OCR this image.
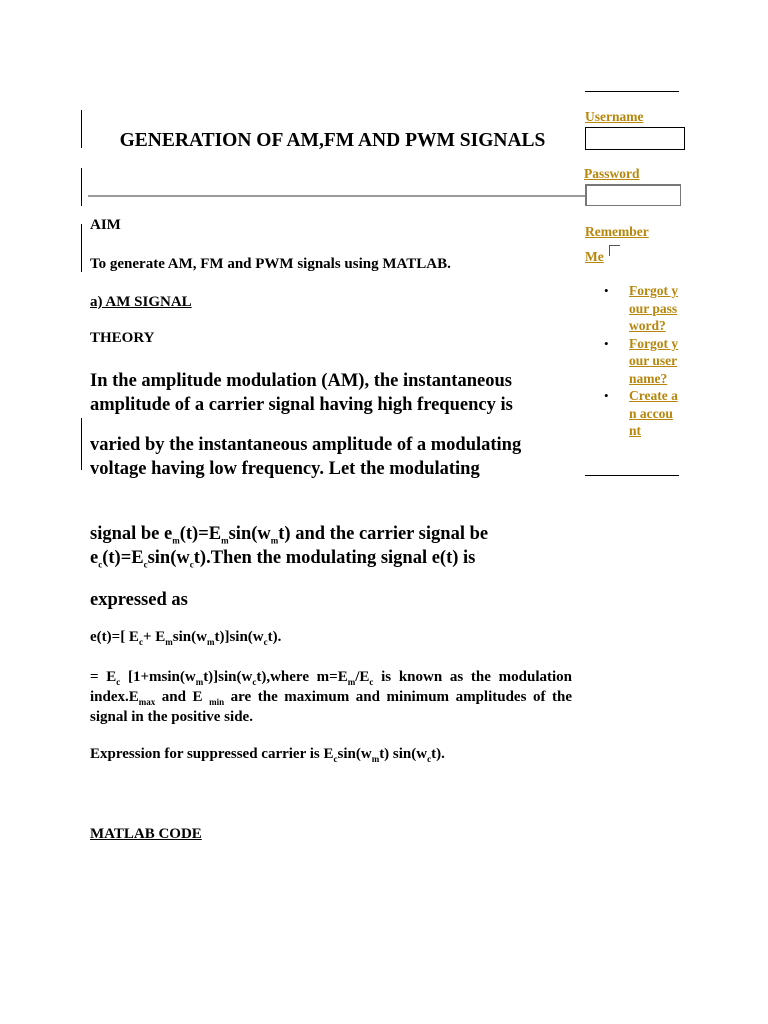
GENERATION OF AM,FM AND PWM SIGNALS
AIM
To generate AM, FM and PWM signals using MATLAB.
a) AM SIGNAL
THEORY
In the amplitude modulation (AM), the instantaneous amplitude of a carrier signal having high frequency is
varied by the instantaneous amplitude of a modulating voltage having low frequency. Let the modulating
signal be $e_m(t)=E_m\sin(w_mt)$ and the carrier signal be $e_c(t)=E_c\sin(w_ct).Then$ the modulating signal e(t) is
expressed as
e(t)=[ $E_c+ E_m\sin(w_mt)]\sin(w_ct)$.
= $E_c$ $[1+msin(w_mt)]\sin(w_ct),where$ $m=E_m/E_c$ is known as the modulation $index.E_{max}$ and E $_{min}$ are the maximum and minimum amplitudes of the signal in the positive side.
Expression for suppressed carrier is $E_c\sin(w_mt)$ $\sin(w_ct)$.
MATLAB CODE
Username
Password
Remember
Me
• Forgot your password?
• Forgot your username?
• Create an account
